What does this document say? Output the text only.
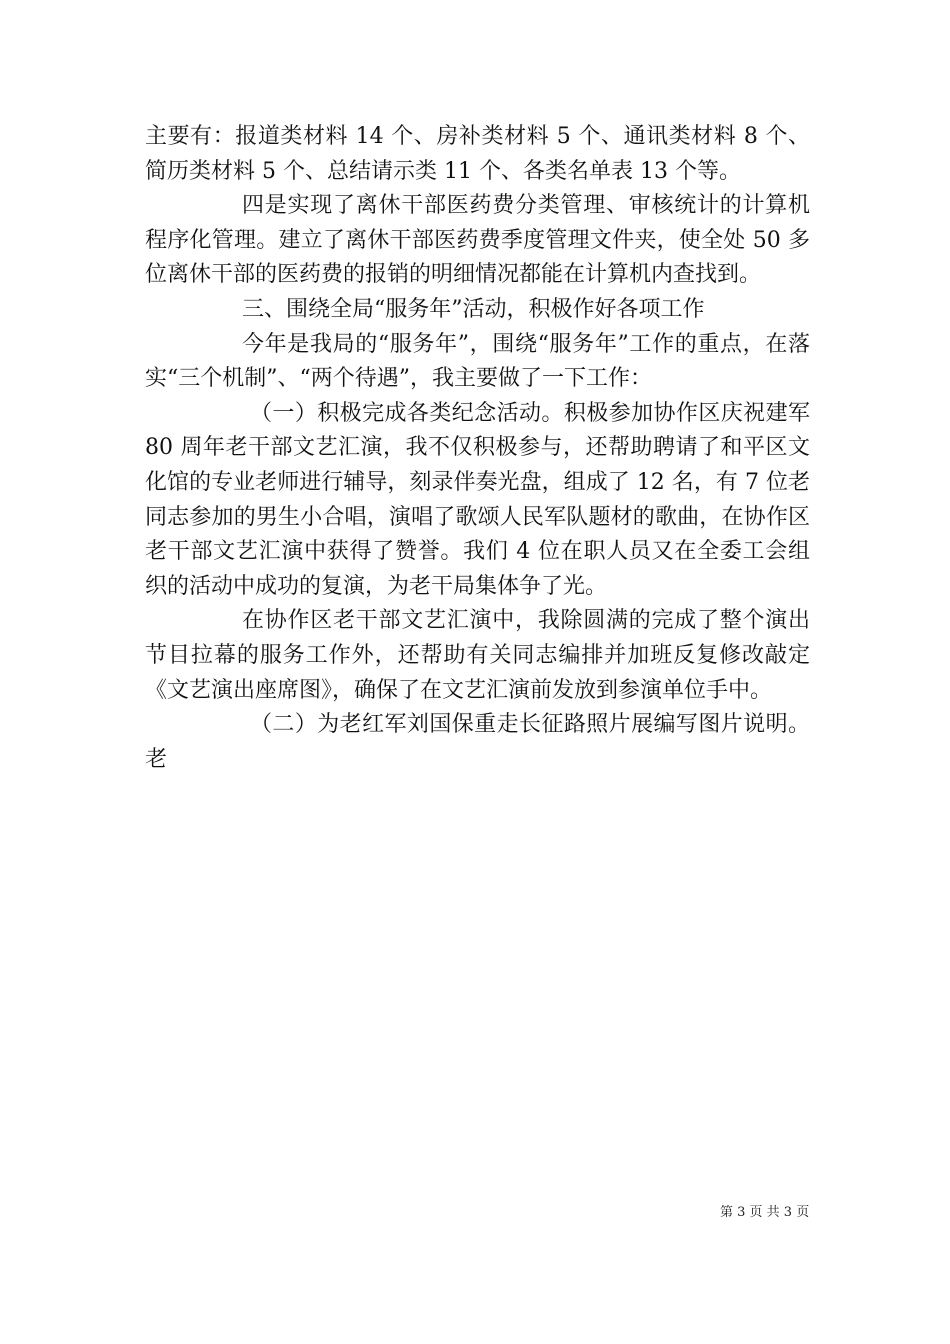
主要有：报道类材料 14 个、房补类材料 5 个、通讯类材料 8 个、简历类材料 5 个、总结请示类 11 个、各类名单表 13 个等。

四是实现了离休干部医药费分类管理、审核统计的计算机程序化管理。建立了离休干部医药费季度管理文件夹，使全处 50 多位离休干部的医药费的报销的明细情况都能在计算机内查找到。

三、围绕全局“服务年”活动，积极作好各项工作

今年是我局的“服务年”，围绕“服务年”工作的重点，在落实“三个机制”、“两个待遇”，我主要做了一下工作：

（一）积极完成各类纪念活动。积极参加协作区庆祝建军 80 周年老干部文艺汇演，我不仅积极参与，还帮助聘请了和平区文化馆的专业老师进行辅导，刻录伴奏光盘，组成了 12 名，有 7 位老同志参加的男生小合唱，演唱了歌颂人民军队题材的歌曲，在协作区老干部文艺汇演中获得了赞誉。我们 4 位在职人员又在全委工会组织的活动中成功的复演，为老干局集体争了光。

在协作区老干部文艺汇演中，我除圆满的完成了整个演出节目拉幕的服务工作外，还帮助有关同志编排并加班反复修改敲定《文艺演出座席图》，确保了在文艺汇演前发放到参演单位手中。

（二）为老红军刘国保重走长征路照片展编写图片说明。老

第 3 页 共 3 页
